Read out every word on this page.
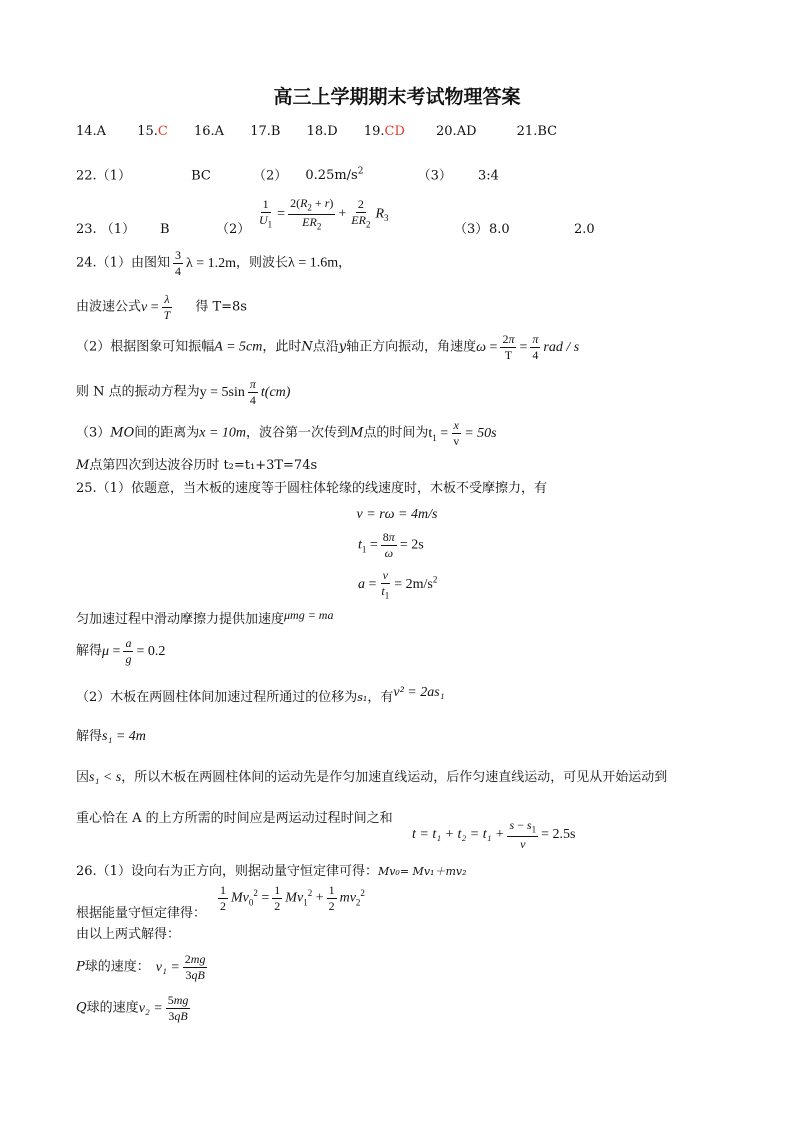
高三上学期期末考试物理答案
14.A 15.C 16.A 17.B 18.D 19.CD 20.AD	21.BC
22.（1）	BC	（2） $0.25m/s^2$	（3） 3:4
23. （1） B	$(2) \frac{1}{U_1} = \frac{2(R_2 + r)}{ER_2} + \frac{2}{ER_2} R_3$
（3） 8.0	2.0
24.（1）由图知 $\frac{3}{4}$ λ = 1.2m，则波长λ = 1.6m，
由波速公式$v = \frac{\lambda}{T}$ 得 T=8s
（2）根据图象可知振幅A = 5cm，此时N点沿y轴正方向振动，角速度$\omega = \frac{2\pi}{T} = \frac{\pi}{4}$ rad / s
则 N 点的振动方程为$y = 5\sin \frac{\pi}{4} t(cm)$
（3）MO间的距离为x = 10m，波谷第一次传到M点的时间为$t_1 = \frac{x}{v} = 50s$
M点第四次到达波谷历时 t₂=t₁+3T=74s
25.（1）依题意，当木板的速度等于圆柱体轮缘的线速度时，木板不受摩擦力，有
v = rω = 4m/s
$t_1 = \frac{8\pi}{\omega} = 2s$
$a = \frac{v}{t_1} = 2m/s^2$
匀加速过程中滑动摩擦力提供加速度μmg = ma
解得$\mu = \frac{a}{g} = 0.2$
（2）木板在两圆柱体间加速过程所通过的位移为s₁，有v² = 2as₁
解得s₁ = 4m
因s₁ < s，所以木板在两圆柱体间的运动先是作匀加速直线运动，后作匀速直线运动，可见从开始运动到
重心恰在 A 的上方所需的时间应是两运动过程时间之和
$t = t_1 + t_2 = t_1 + \frac{s - s_1}{v} = 2.5s$
26.（1）设向右为正方向，则据动量守恒定律可得：Mv₀= Mv₁＋mv₂
$\frac{1}{2} Mv_0^2 = \frac{1}{2} Mv_1^2 + \frac{1}{2} mv_2^2$
根据能量守恒定律得：
由以上两式解得：
P球的速度： $v_1 = \frac{2mg}{3qB}$
Q球的速度$v_2 = \frac{5mg}{3qB}$
